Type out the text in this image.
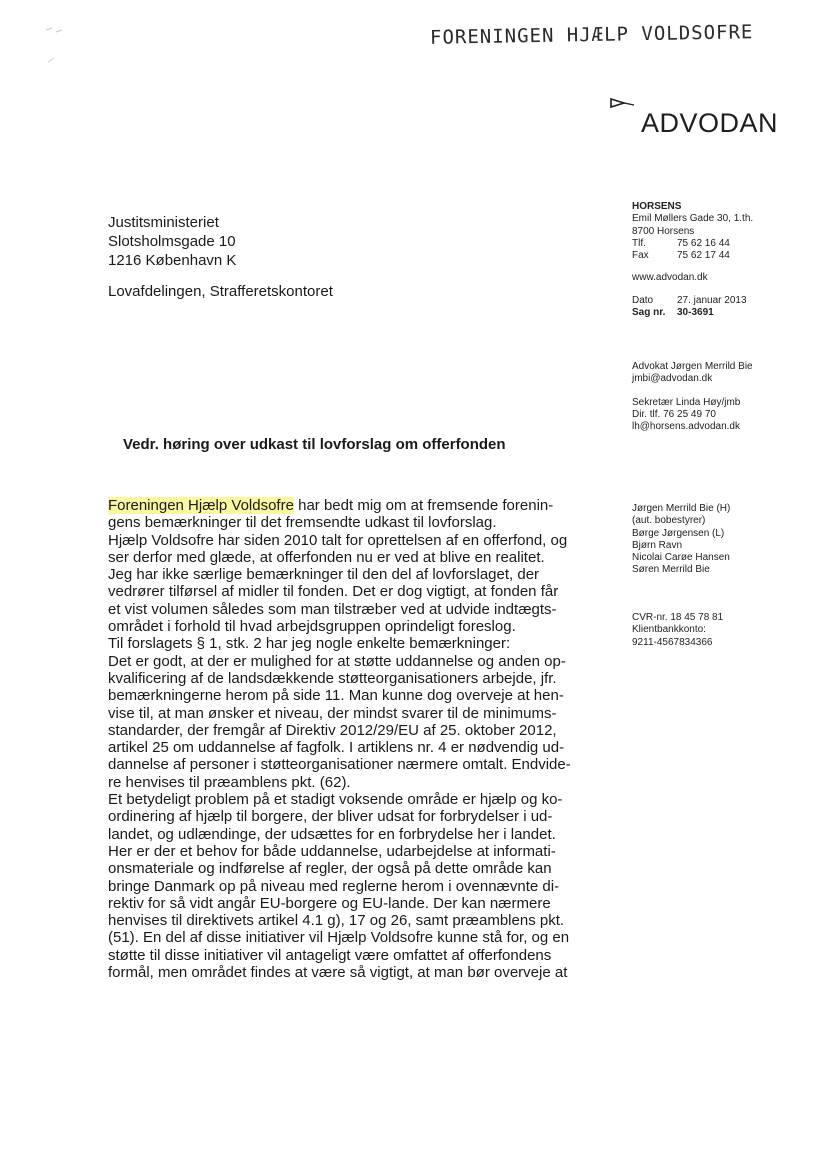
FORENINGEN HJÆLP VOLDSOFRE
ADVODAN
HORSENS
Emil Møllers Gade 30, 1.th.
8700 Horsens
Tlf.	75 62 16 44
Fax	75 62 17 44
www.advodan.dk
Dato	27. januar 2013
Sag nr.	30-3691
Advokat Jørgen Merrild Bie
jmbi@advodan.dk
Sekretær Linda Høy/jmb
Dir. tlf. 76 25 49 70
lh@horsens.advodan.dk
Justitsministeriet
Slotsholmsgade 10
1216 København K
Lovafdelingen, Strafferetskontoret
Vedr. høring over udkast til lovforslag om offerfonden
Jørgen Merrild Bie (H)
(aut. bobestyrer)
Børge Jørgensen (L)
Bjørn Ravn
Nicolai Carøe Hansen
Søren Merrild Bie
CVR-nr. 18 45 78 81
Klientbankkonto:
9211-4567834366
Foreningen Hjælp Voldsofre har bedt mig om at fremsende forenin-
gens bemærkninger til det fremsendte udkast til lovforslag.
Hjælp Voldsofre har siden 2010 talt for oprettelsen af en offerfond, og
ser derfor med glæde, at offerfonden nu er ved at blive en realitet.
Jeg har ikke særlige bemærkninger til den del af lovforslaget, der
vedrører tilførsel af midler til fonden. Det er dog vigtigt, at fonden får
et vist volumen således som man tilstræber ved at udvide indtægts-
området i forhold til hvad arbejdsgruppen oprindeligt foreslog.
Til forslagets § 1, stk. 2 har jeg nogle enkelte bemærkninger:
Det er godt, at der er mulighed for at støtte uddannelse og anden op-
kvalificering af de landsdækkende støtteorganisationers arbejde, jfr.
bemærkningerne herom på side 11. Man kunne dog overveje at hen-
vise til, at man ønsker et niveau, der mindst svarer til de minimums-
standarder, der fremgår af Direktiv 2012/29/EU af 25. oktober 2012,
artikel 25 om uddannelse af fagfolk. I artiklens nr. 4 er nødvendig ud-
dannelse af personer i støtteorganisationer nærmere omtalt. Endvide-
re henvises til præamblens pkt. (62).
Et betydeligt problem på et stadigt voksende område er hjælp og ko-
ordinering af hjælp til borgere, der bliver udsat for forbrydelser i ud-
landet, og udlændinge, der udsættes for en forbrydelse her i landet.
Her er der et behov for både uddannelse, udarbejdelse at informati-
onsmateriale og indførelse af regler, der også på dette område kan
bringe Danmark op på niveau med reglerne herom i ovennævnte di-
rektiv for så vidt angår EU-borgere og EU-lande. Der kan nærmere
henvises til direktivets artikel 4.1 g), 17 og 26, samt præamblens pkt.
(51). En del af disse initiativer vil Hjælp Voldsofre kunne stå for, og en
støtte til disse initiativer vil antageligt være omfattet af offerfondens
formål, men området findes at være så vigtigt, at man bør overveje at
